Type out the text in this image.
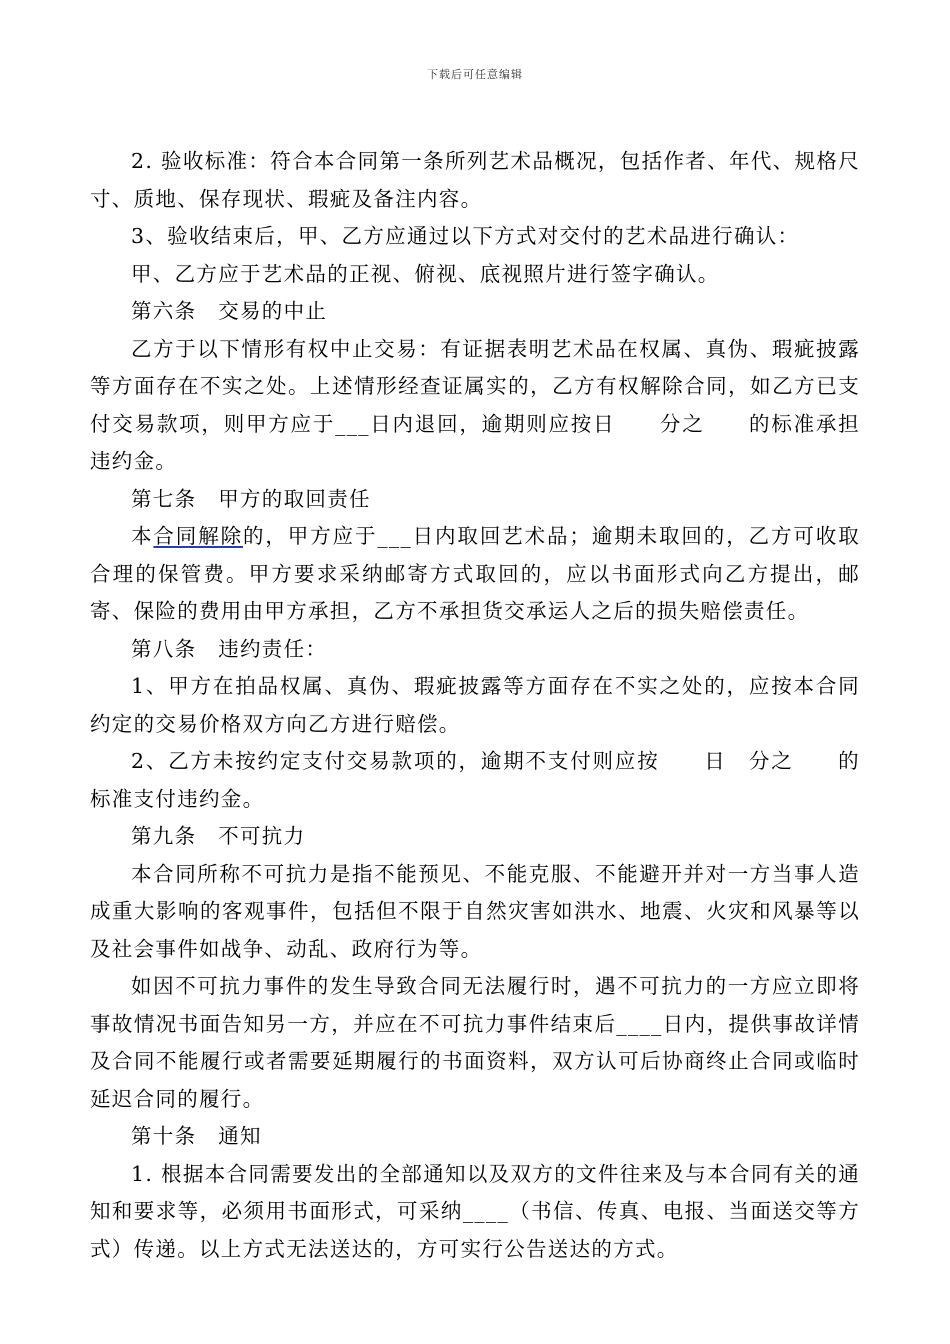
下载后可任意编辑

2. 验收标准：符合本合同第一条所列艺术品概况，包括作者、年代、规格尺寸、质地、保存现状、瑕疵及备注内容。

3、验收结束后，甲、乙方应通过以下方式对交付的艺术品进行确认：

甲、乙方应于艺术品的正视、俯视、底视照片进行签字确认。

第六条　交易的中止

乙方于以下情形有权中止交易：有证据表明艺术品在权属、真伪、瑕疵披露等方面存在不实之处。上述情形经查证属实的，乙方有权解除合同，如乙方已支付交易款项，则甲方应于___日内退回，逾期则应按日　　分之　　的标准承担违约金。

第七条　甲方的取回责任

本合同解除的，甲方应于___日内取回艺术品；逾期未取回的，乙方可收取合理的保管费。甲方要求采纳邮寄方式取回的，应以书面形式向乙方提出，邮寄、保险的费用由甲方承担，乙方不承担货交承运人之后的损失赔偿责任。

第八条　违约责任：

1、甲方在拍品权属、真伪、瑕疵披露等方面存在不实之处的，应按本合同约定的交易价格双方向乙方进行赔偿。

2、乙方未按约定支付交易款项的，逾期不支付则应按　　日　分之　　的标准支付违约金。

第九条　不可抗力

本合同所称不可抗力是指不能预见、不能克服、不能避开并对一方当事人造成重大影响的客观事件，包括但不限于自然灾害如洪水、地震、火灾和风暴等以及社会事件如战争、动乱、政府行为等。

如因不可抗力事件的发生导致合同无法履行时，遇不可抗力的一方应立即将事故情况书面告知另一方，并应在不可抗力事件结束后____日内，提供事故详情及合同不能履行或者需要延期履行的书面资料，双方认可后协商终止合同或临时延迟合同的履行。

第十条　通知

1. 根据本合同需要发出的全部通知以及双方的文件往来及与本合同有关的通知和要求等，必须用书面形式，可采纳____（书信、传真、电报、当面送交等方式）传递。以上方式无法送达的，方可实行公告送达的方式。
